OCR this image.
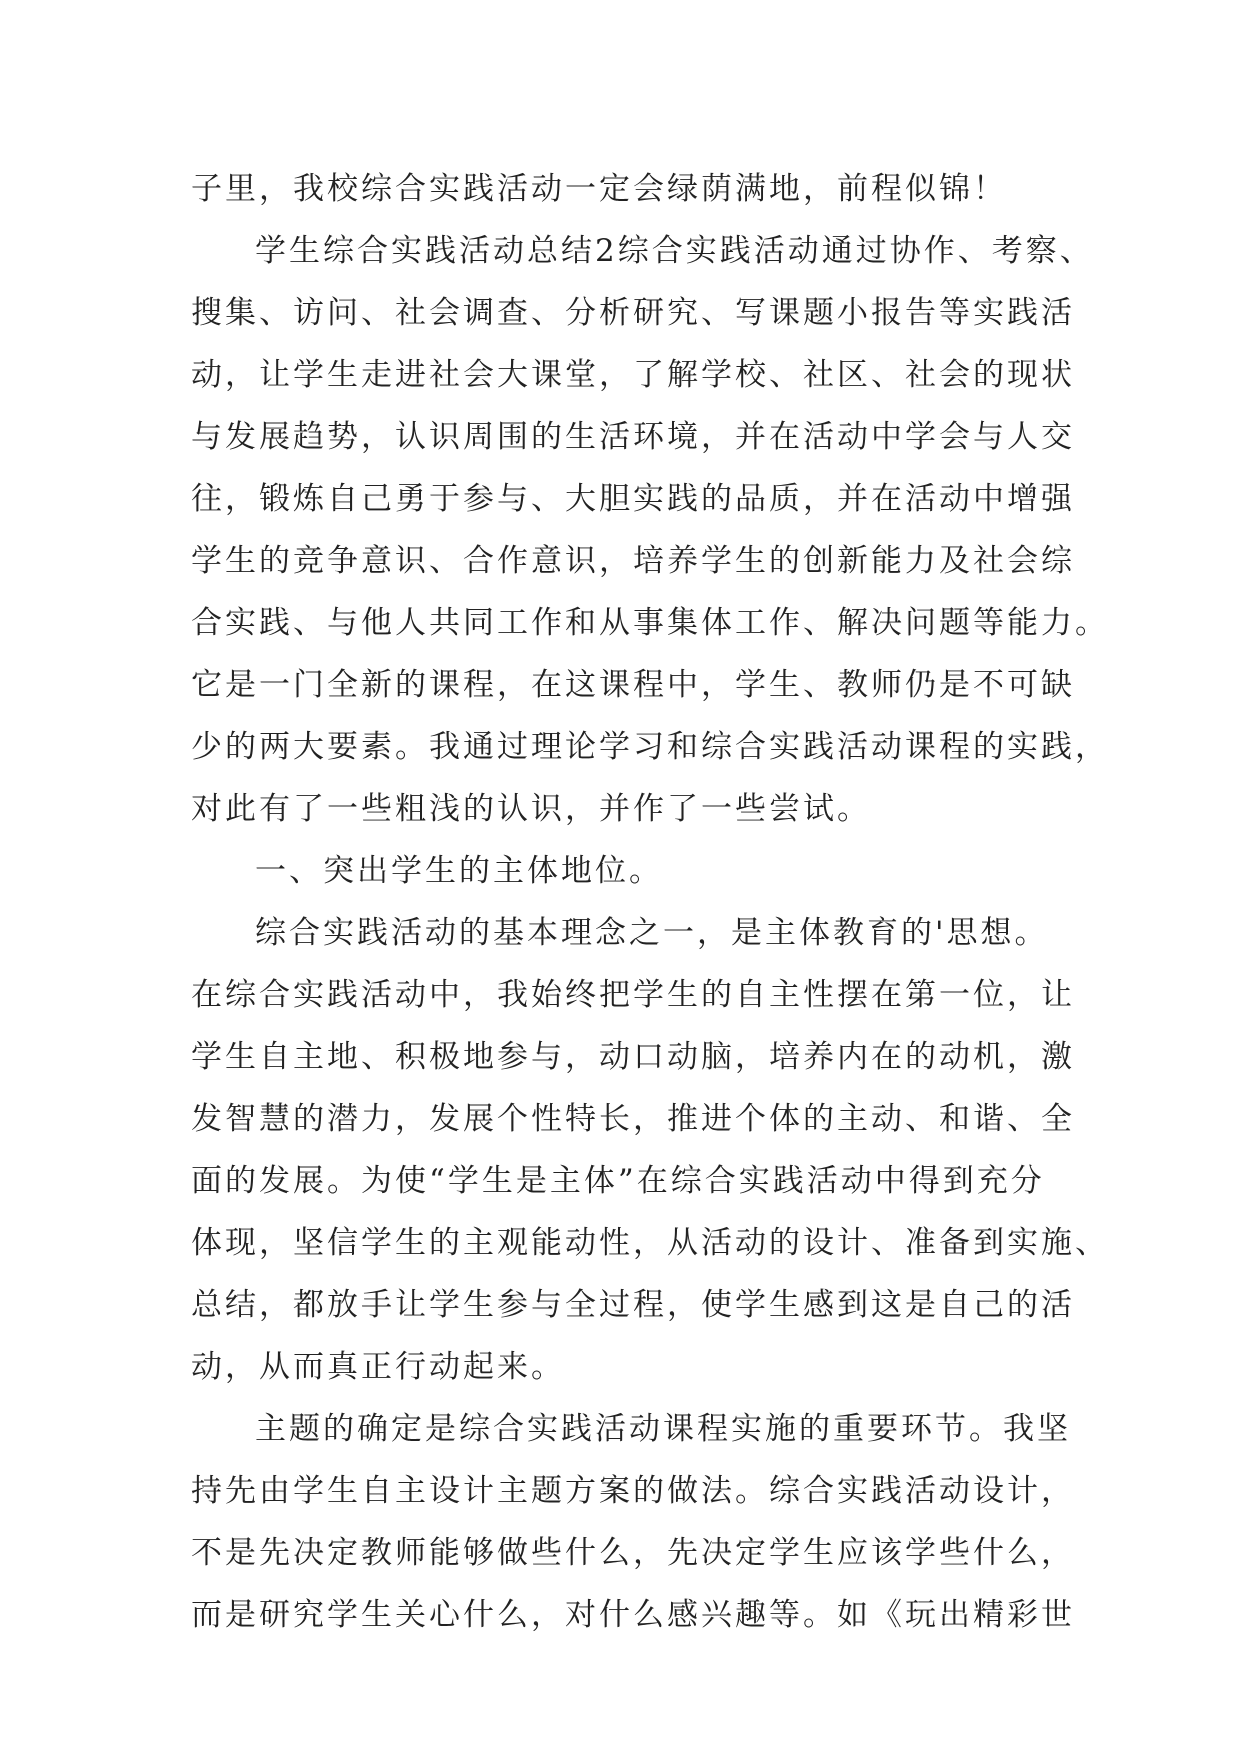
子里，我校综合实践活动一定会绿荫满地，前程似锦！
学生综合实践活动总结2综合实践活动通过协作、考察、
搜集、访问、社会调查、分析研究、写课题小报告等实践活
动，让学生走进社会大课堂，了解学校、社区、社会的现状
与发展趋势，认识周围的生活环境，并在活动中学会与人交
往，锻炼自己勇于参与、大胆实践的品质，并在活动中增强
学生的竞争意识、合作意识，培养学生的创新能力及社会综
合实践、与他人共同工作和从事集体工作、解决问题等能力。
它是一门全新的课程，在这课程中，学生、教师仍是不可缺
少的两大要素。我通过理论学习和综合实践活动课程的实践，
对此有了一些粗浅的认识，并作了一些尝试。
一、突出学生的主体地位。
综合实践活动的基本理念之一，是主体教育的'思想。
在综合实践活动中，我始终把学生的自主性摆在第一位，让
学生自主地、积极地参与，动口动脑，培养内在的动机，激
发智慧的潜力，发展个性特长，推进个体的主动、和谐、全
面的发展。为使“学生是主体”在综合实践活动中得到充分
体现，坚信学生的主观能动性，从活动的设计、准备到实施、
总结，都放手让学生参与全过程，使学生感到这是自己的活
动，从而真正行动起来。
主题的确定是综合实践活动课程实施的重要环节。我坚
持先由学生自主设计主题方案的做法。综合实践活动设计，
不是先决定教师能够做些什么，先决定学生应该学些什么，
而是研究学生关心什么，对什么感兴趣等。如《玩出精彩世
